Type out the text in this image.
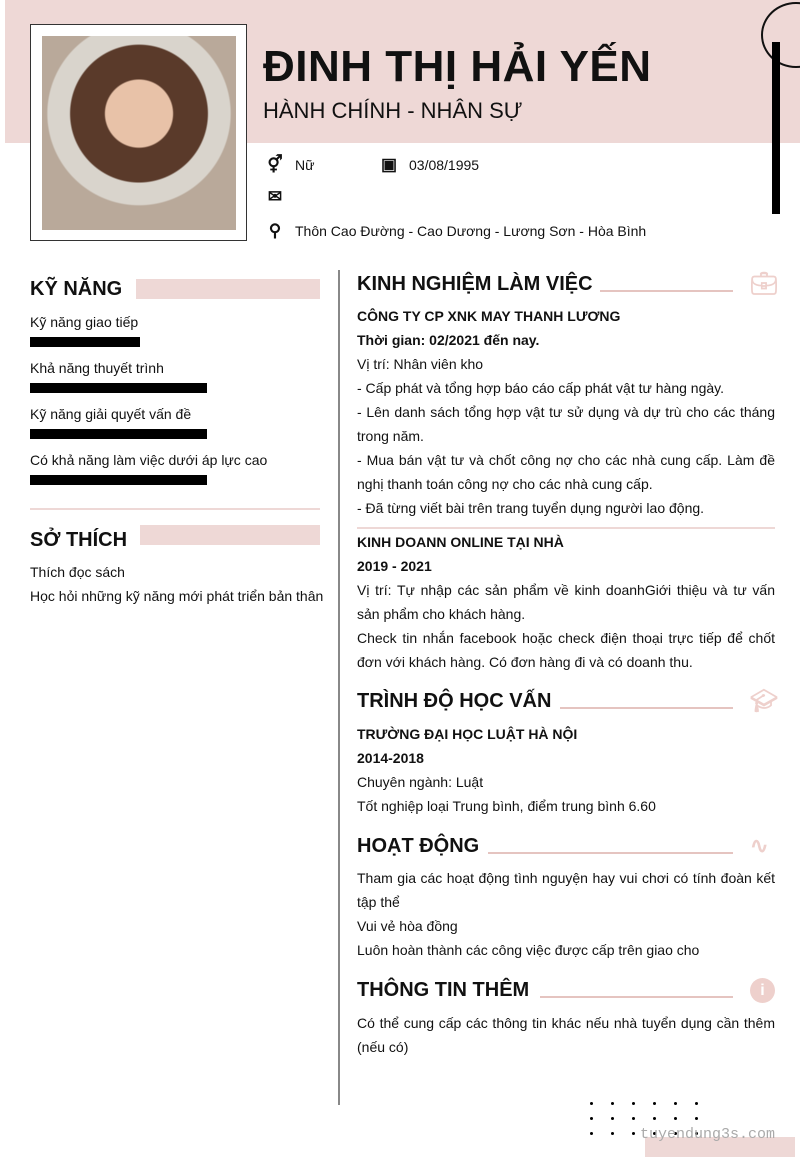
ĐINH THỊ HẢI YẾN
HÀNH CHÍNH - NHÂN SỰ
⚥ Nữ	▣ 03/08/1995
✉
⚲ Thôn Cao Đường - Cao Dương - Lương Sơn - Hòa Bình
KỸ NĂNG
Kỹ năng giao tiếp
Khả năng thuyết trình
Kỹ năng giải quyết vấn đề
Có khả năng làm việc dưới áp lực cao
SỞ THÍCH
Thích đọc sách
Học hỏi những kỹ năng mới phát triển bản thân
KINH NGHIỆM LÀM VIỆC	💼︎
CÔNG TY CP XNK MAY THANH LƯƠNG
Thời gian: 02/2021 đến nay.
Vị trí: Nhân viên kho
- Cấp phát và tổng hợp báo cáo cấp phát vật tư hàng ngày.
- Lên danh sách tổng hợp vật tư sử dụng và dự trù cho các tháng trong năm.
- Mua bán vật tư và chốt công nợ cho các nhà cung cấp. Làm đề nghị thanh toán công nợ cho các nhà cung cấp.
- Đã từng viết bài trên trang tuyển dụng người lao động.
KINH DOANN ONLINE TẠI NHÀ
2019 - 2021
Vị trí: Tự nhập các sản phẩm về kinh doanhGiới thiệu và tư vấn sản phẩm cho khách hàng.
Check tin nhắn facebook hoặc check điện thoại trực tiếp để chốt đơn với khách hàng. Có đơn hàng đi và có doanh thu.
TRÌNH ĐỘ HỌC VẤN	🎓︎
TRƯỜNG ĐẠI HỌC LUẬT HÀ NỘI
2014-2018
Chuyên ngành: Luật
Tốt nghiệp loại Trung bình, điểm trung bình 6.60
HOẠT ĐỘNG	∿
Tham gia các hoạt động tình nguyện hay vui chơi có tính đoàn kết tập thể
Vui vẻ hòa đồng
Luôn hoàn thành các công việc được cấp trên giao cho
THÔNG TIN THÊM	i
Có thể cung cấp các thông tin khác nếu nhà tuyển dụng cần thêm (nếu có)
tuyendung3s.com
